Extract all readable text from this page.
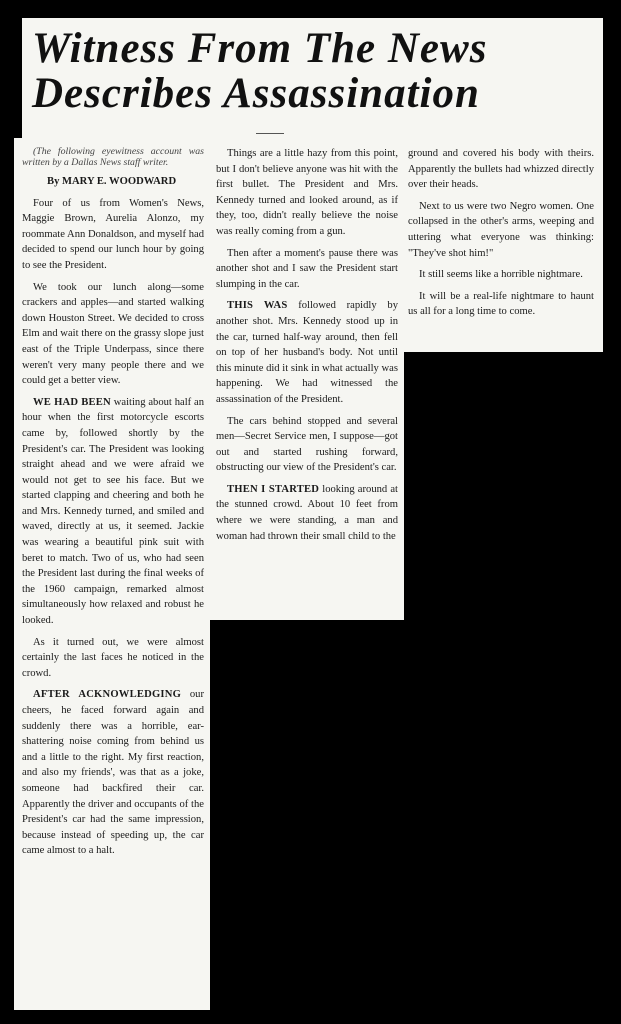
Witness From The News
Describes Assassination

(The following eyewitness account was written by a Dallas News staff writer.

By MARY E. WOODWARD

Four of us from Women's News, Maggie Brown, Aurelia Alonzo, my roommate Ann Donaldson, and myself had decided to spend our lunch hour by going to see the President.

We took our lunch along—some crackers and apples—and started walking down Houston Street. We decided to cross Elm and wait there on the grassy slope just east of the Triple Underpass, since there weren't very many people there and we could get a better view.

WE HAD BEEN waiting about half an hour when the first motorcycle escorts came by, followed shortly by the President's car. The President was looking straight ahead and we were afraid we would not get to see his face. But we started clapping and cheering and both he and Mrs. Kennedy turned, and smiled and waved, directly at us, it seemed. Jackie was wearing a beautiful pink suit with beret to match. Two of us, who had seen the President last during the final weeks of the 1960 campaign, remarked almost simultaneously how relaxed and robust he looked.

As it turned out, we were almost certainly the last faces he noticed in the crowd.

AFTER ACKNOWLEDGING our cheers, he faced forward again and suddenly there was a horrible, ear-shattering noise coming from behind us and a little to the right. My first reaction, and also my friends', was that as a joke, someone had backfired their car. Apparently the driver and occupants of the President's car had the same impression, because instead of speeding up, the car came almost to a halt.

Things are a little hazy from this point, but I don't believe anyone was hit with the first bullet. The President and Mrs. Kennedy turned and looked around, as if they, too, didn't really believe the noise was really coming from a gun.

Then after a moment's pause there was another shot and I saw the President start slumping in the car.

THIS WAS followed rapidly by another shot. Mrs. Kennedy stood up in the car, turned half-way around, then fell on top of her husband's body. Not until this minute did it sink in what actually was happening. We had witnessed the assassination of the President.

The cars behind stopped and several men—Secret Service men, I suppose—got out and started rushing forward, obstructing our view of the President's car.

THEN I STARTED looking around at the stunned crowd. About 10 feet from where we were standing, a man and woman had thrown their small child to the

ground and covered his body with theirs. Apparently the bullets had whizzed directly over their heads.

Next to us were two Negro women. One collapsed in the other's arms, weeping and uttering what everyone was thinking: "They've shot him!"

It still seems like a horrible nightmare.

It will be a real-life nightmare to haunt us all for a long time to come.
